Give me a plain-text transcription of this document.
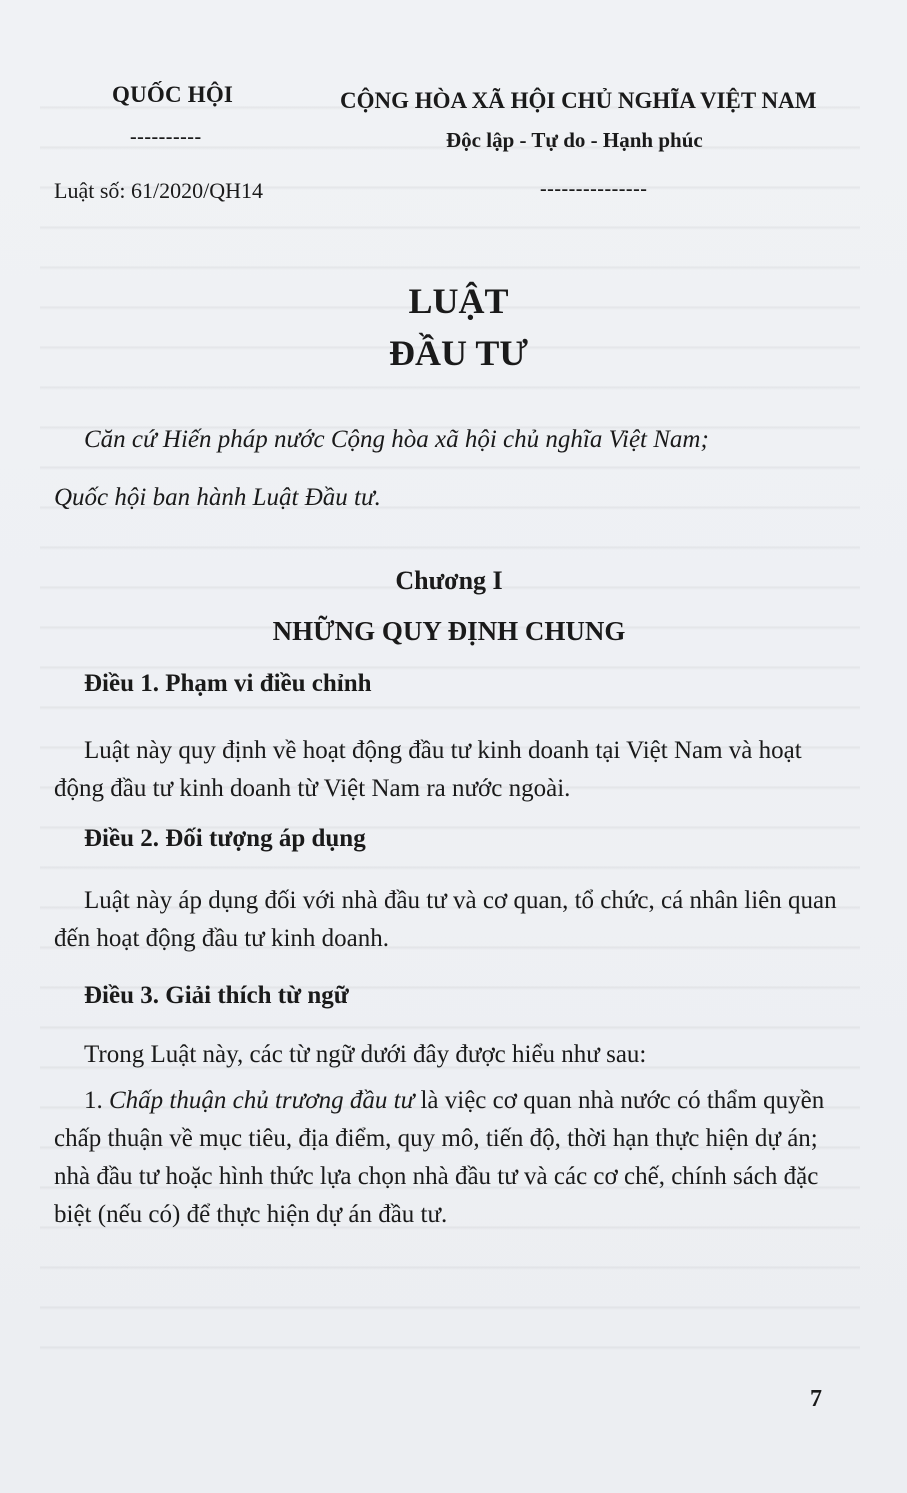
QUỐC HỘI
----------
CỘNG HÒA XÃ HỘI CHỦ NGHĨA VIỆT NAM
Độc lập - Tự do - Hạnh phúc
Luật số: 61/2020/QH14	---------------
LUẬT
ĐẦU TƯ
Căn cứ Hiến pháp nước Cộng hòa xã hội chủ nghĩa Việt Nam;
Quốc hội ban hành Luật Đầu tư.
Chương I
NHỮNG QUY ĐỊNH CHUNG
Điều 1. Phạm vi điều chỉnh
Luật này quy định về hoạt động đầu tư kinh doanh tại Việt Nam và hoạt động đầu tư kinh doanh từ Việt Nam ra nước ngoài.
Điều 2. Đối tượng áp dụng
Luật này áp dụng đối với nhà đầu tư và cơ quan, tổ chức, cá nhân liên quan đến hoạt động đầu tư kinh doanh.
Điều 3. Giải thích từ ngữ
Trong Luật này, các từ ngữ dưới đây được hiểu như sau:
1. Chấp thuận chủ trương đầu tư là việc cơ quan nhà nước có thẩm quyền chấp thuận về mục tiêu, địa điểm, quy mô, tiến độ, thời hạn thực hiện dự án; nhà đầu tư hoặc hình thức lựa chọn nhà đầu tư và các cơ chế, chính sách đặc biệt (nếu có) để thực hiện dự án đầu tư.
7
